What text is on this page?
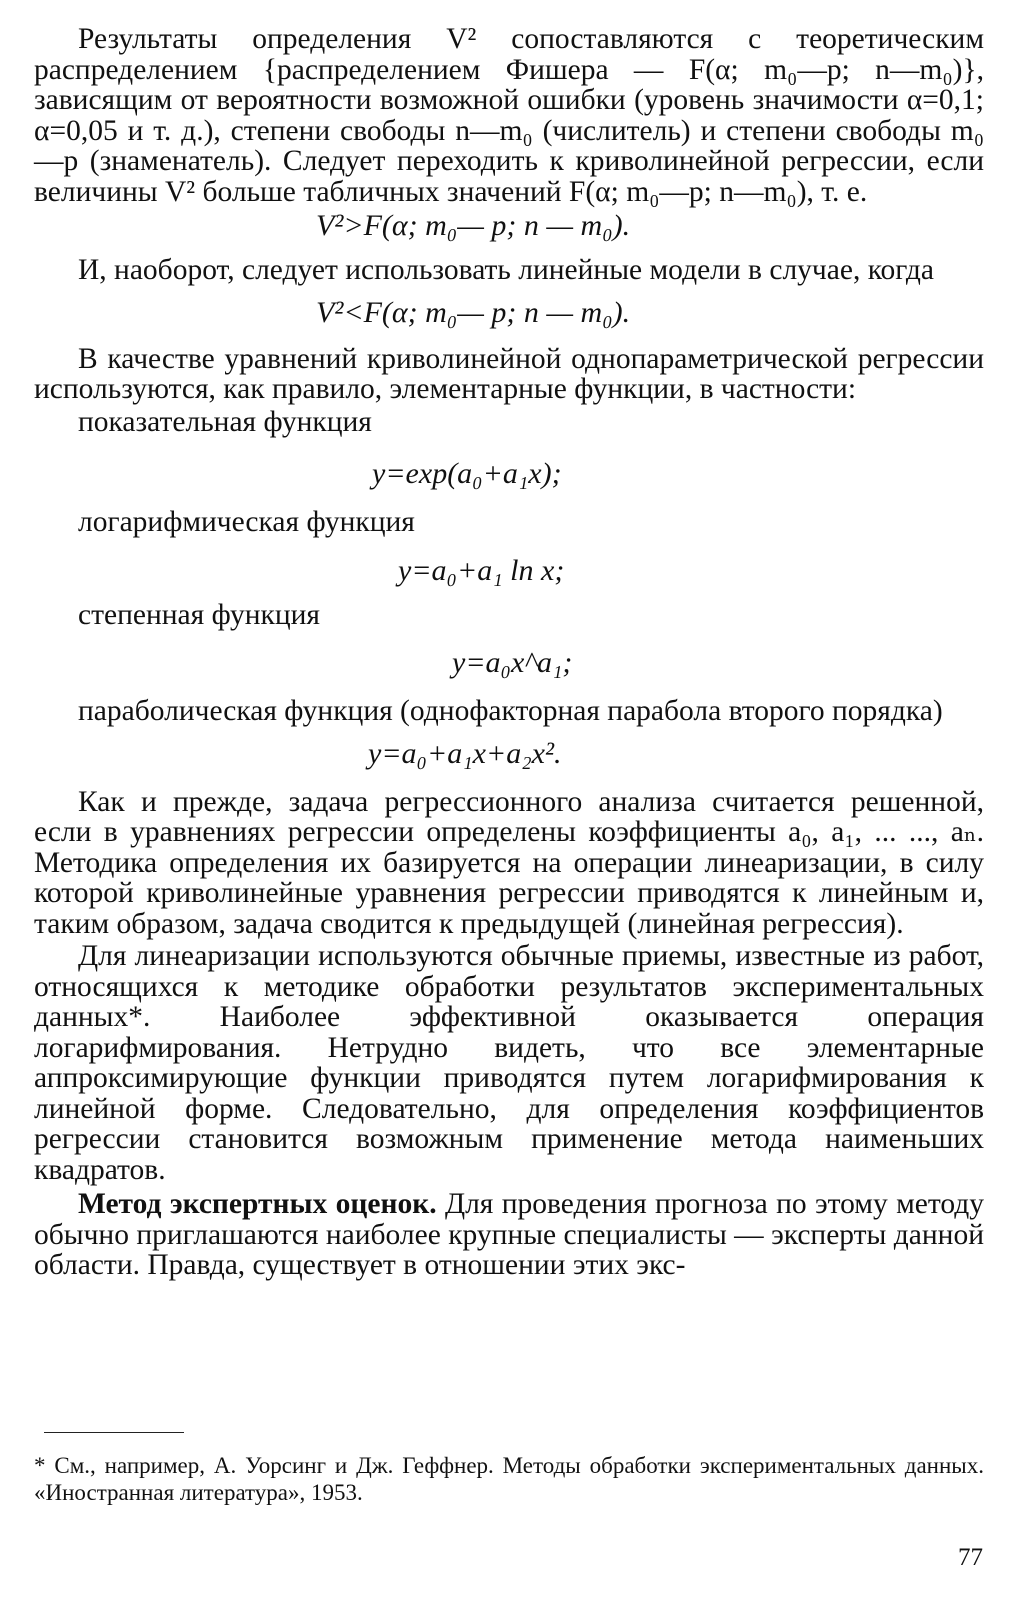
Результаты определения V² сопоставляются с теоретическим распределением {распределением Фишера — F(α; m₀—p; n—m₀)}, зависящим от вероятности возможной ошибки (уровень значимости α=0,1; α=0,05 и т. д.), степени свободы n—m₀ (числитель) и степени свободы m₀—p (знаменатель). Следует переходить к криволинейной регрессии, если величины V² больше табличных значений F(α; m₀—p; n—m₀), т. е.

V²>F(α; m₀— p; n — m₀).

И, наоборот, следует использовать линейные модели в случае, когда

V²<F(α; m₀— p; n — m₀).

В качестве уравнений криволинейной однопараметрической регрессии используются, как правило, элементарные функции, в частности:

показательная функция

y=exp(a₀+a₁x);

логарифмическая функция

y=a₀+a₁ ln x;

степенная функция

y=a₀x^a₁;

параболическая функция (однофакторная парабола второго порядка)

y=a₀+a₁x+a₂x².

Как и прежде, задача регрессионного анализа считается решенной, если в уравнениях регрессии определены коэффициенты a₀, a₁, ... ..., aₙ. Методика определения их базируется на операции линеаризации, в силу которой криволинейные уравнения регрессии приводятся к линейным и, таким образом, задача сводится к предыдущей (линейная регрессия).

Для линеаризации используются обычные приемы, известные из работ, относящихся к методике обработки результатов экспериментальных данных*. Наиболее эффективной оказывается операция логарифмирования. Нетрудно видеть, что все элементарные аппроксимирующие функции приводятся путем логарифмирования к линейной форме. Следовательно, для определения коэффициентов регрессии становится возможным применение метода наименьших квадратов.

Метод экспертных оценок. Для проведения прогноза по этому методу обычно приглашаются наиболее крупные специалисты — эксперты данной области. Правда, существует в отношении этих экс-

* См., например, А. Уорсинг и Дж. Геффнер. Методы обработки экспериментальных данных. «Иностранная литература», 1953.

77
